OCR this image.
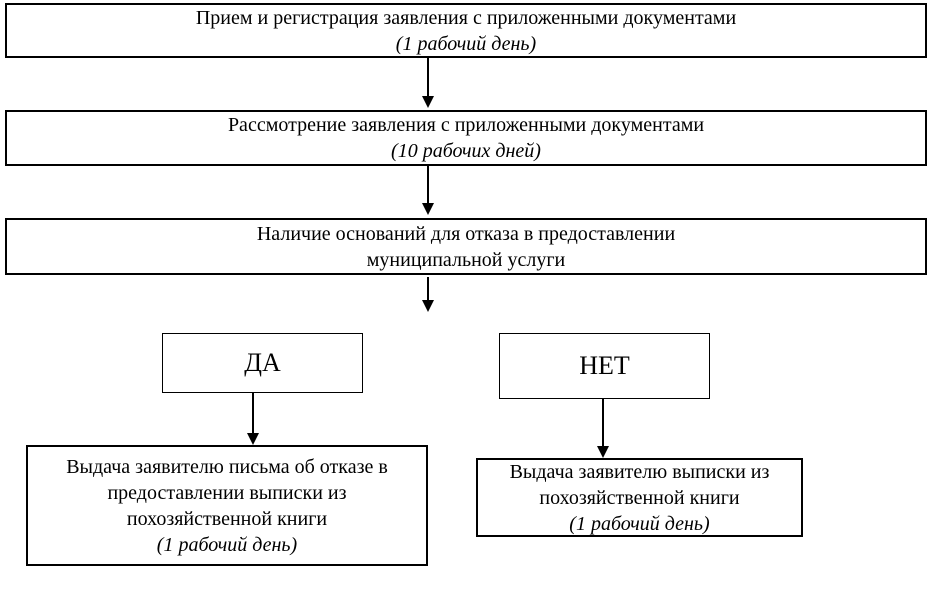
Прием и регистрация заявления с приложенными документами
(1 рабочий день)
Рассмотрение заявления с приложенными документами
(10 рабочих дней)
Наличие оснований для отказа в предоставлении
муниципальной услуги
ДА	НЕТ
Выдача заявителю письма об отказе в
предоставлении выписки из
похозяйственной книги
(1 рабочий день)
Выдача заявителю выписки из
похозяйственной книги
(1 рабочий день)
